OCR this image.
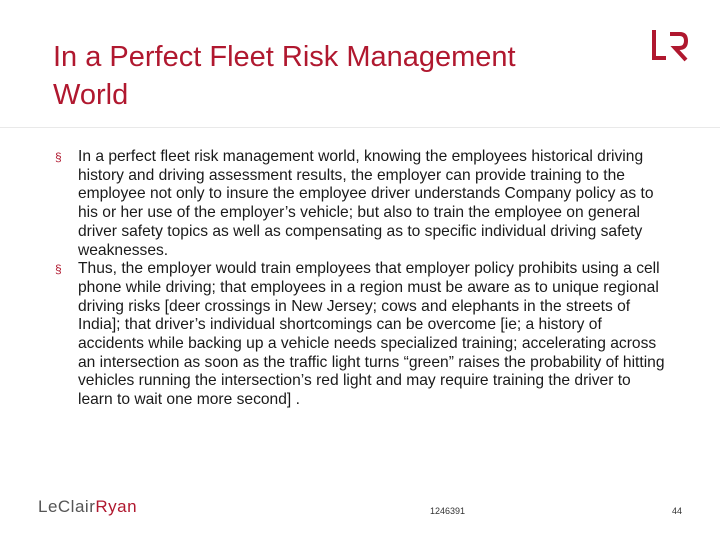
In a Perfect Fleet Risk Management
World

§ In a perfect fleet risk management world, knowing the employees historical driving history and driving assessment results, the employer can provide training to the employee not only to insure the employee driver understands Company policy as to his or her use of the employer’s vehicle; but also to train the employee on general driver safety topics as well as compensating as to specific individual driving safety weaknesses.

§ Thus, the employer would train employees that employer policy prohibits using a cell phone while driving; that employees in a region must be aware as to unique regional driving risks [deer crossings in New Jersey; cows and elephants in the streets of India]; that driver’s individual shortcomings can be overcome [ie; a history of accidents while backing up a vehicle needs specialized training; accelerating across an intersection as soon as the traffic light turns “green” raises the probability of hitting vehicles running the intersection’s red light and may require training the driver to learn to wait one more second] .

LeClairRyan	1246391	44
